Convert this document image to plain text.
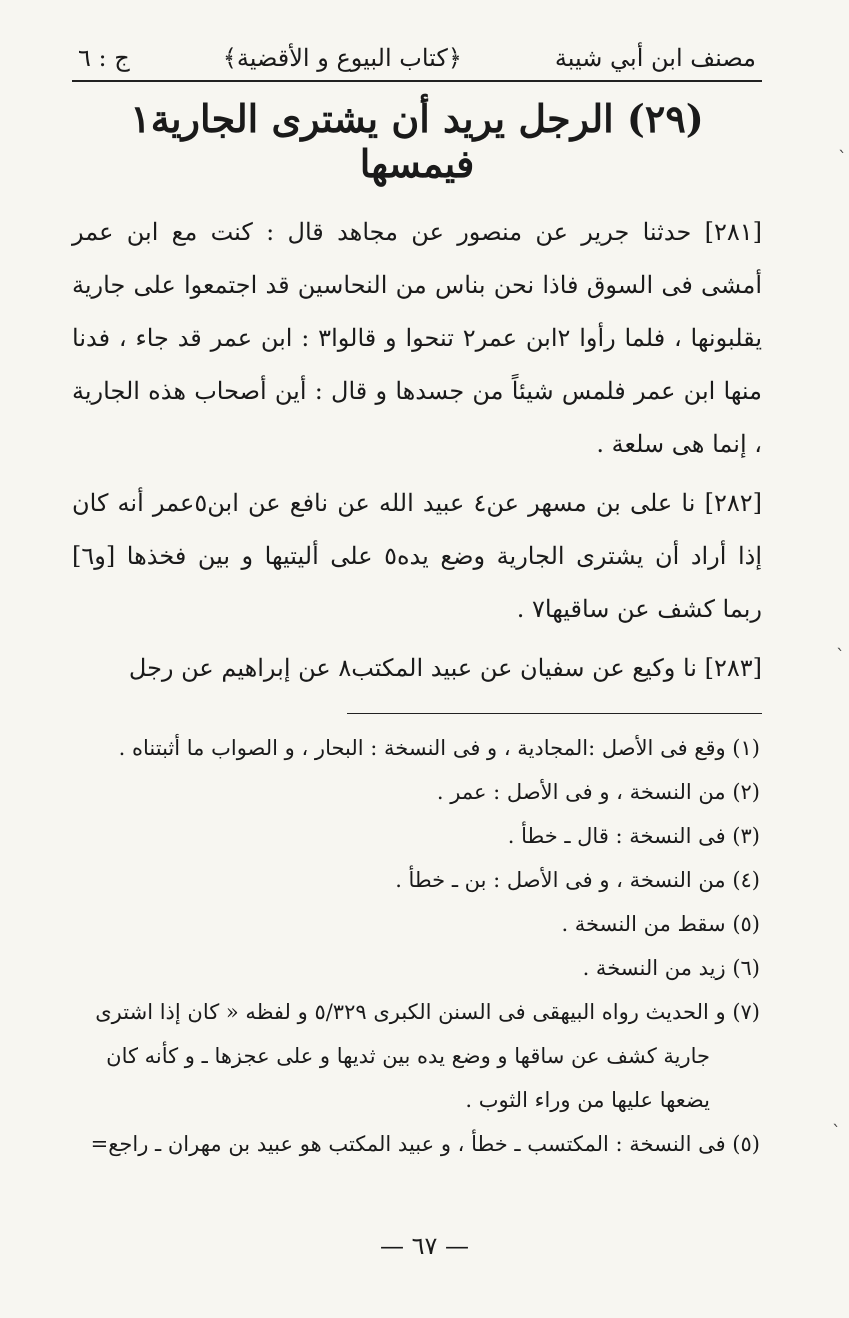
مصنف ابن أبي شيبة
﴿كتاب البيوع و الأقضية﴾
ج : ٦
(٢٩) الرجل يريد أن يشترى الجارية١ فيمسها

[٢٨١] حدثنا جرير عن منصور عن مجاهد قال : كنت مع ابن عمر أمشى فى السوق فاذا نحن بناس من النحاسين قد اجتمعوا على جارية يقلبونها ، فلما رأوا ٢ابن عمر٢ تنحوا و قالوا٣ : ابن عمر قد جاء ، فدنا منها ابن عمر فلمس شيئاً من جسدها و قال : أين أصحاب هذه الجارية ، إنما هى سلعة .

[٢٨٢] نا على بن مسهر عن٤ عبيد الله عن نافع عن ابن٥عمر أنه كان إذا أراد أن يشترى الجارية وضع يده٥ على أليتيها و بين فخذها [و٦] ربما كشف عن ساقيها٧ .

[٢٨٣] نا وكيع عن سفيان عن عبيد المكتب٨ عن إبراهيم عن رجل

(١) وقع فى الأصل :المجادية ، و فى النسخة : البحار ، و الصواب ما أثبتناه .

(٢) من النسخة ، و فى الأصل : عمر .

(٣) فى النسخة : قال ـ خطأ .

(٤) من النسخة ، و فى الأصل : بن ـ خطأ .

(٥) سقط من النسخة .

(٦) زيد من النسخة .

(٧) و الحديث رواه البيهقى فى السنن الكبرى ٥/٣٢٩ و لفظه « كان إذا اشترى

جارية كشف عن ساقها و وضع يده بين ثديها و على عجزها ـ و كأنه كان

يضعها عليها من وراء الثوب .

(٥) فى النسخة : المكتسب ـ خطأ ، و عبيد المكتب هو عبيد بن مهران ـ راجع=

— ٦٧ —
ˋ
ˋ
ˋ
